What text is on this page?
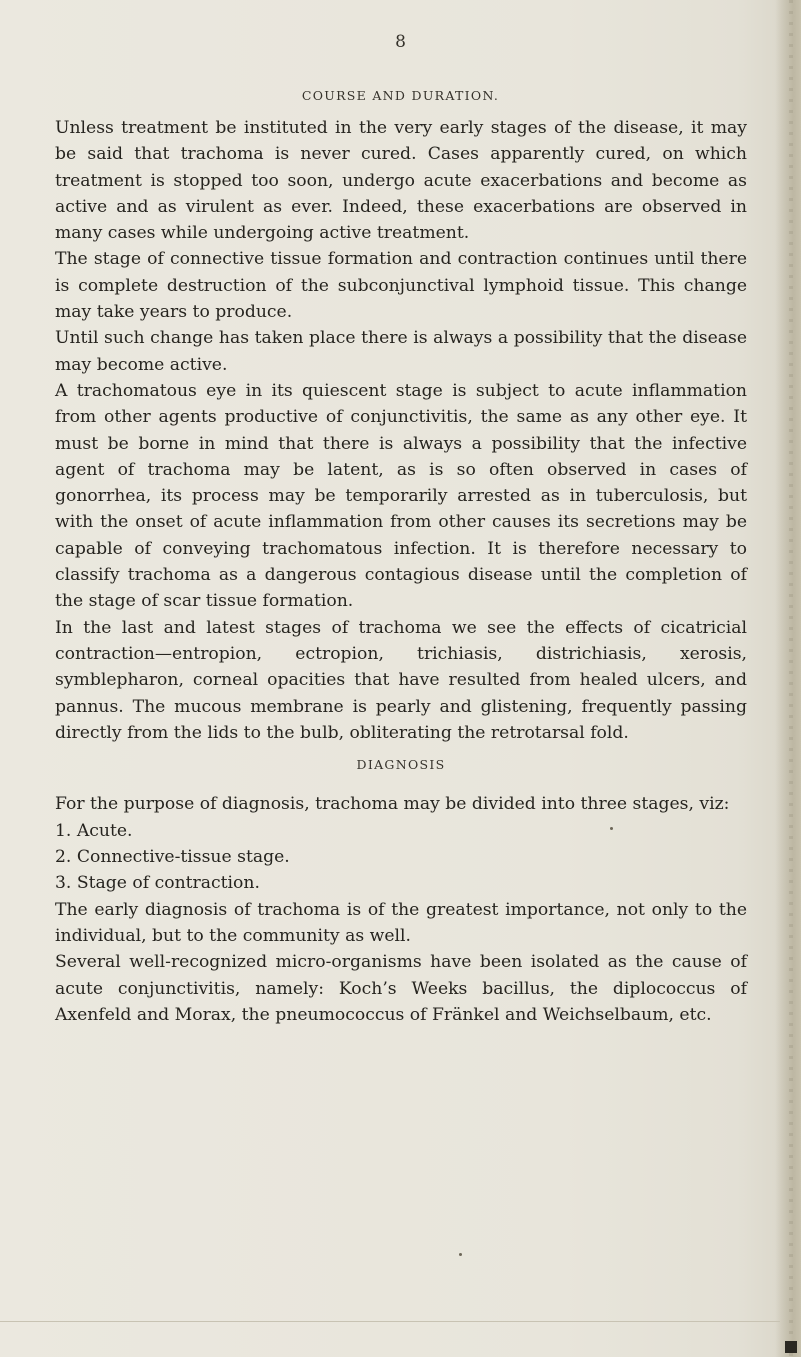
8
COURSE AND DURATION.

Unless treatment be instituted in the very early stages of the disease, it may be said that trachoma is never cured. Cases apparently cured, on which treatment is stopped too soon, undergo acute exacerbations and become as active and as virulent as ever. Indeed, these exacerbations are observed in many cases while undergoing active treatment.

The stage of connective tissue formation and contraction continues until there is complete destruction of the subconjunctival lymphoid tissue. This change may take years to produce.

Until such change has taken place there is always a possibility that the disease may become active.

A trachomatous eye in its quiescent stage is subject to acute inflammation from other agents productive of conjunctivitis, the same as any other eye. It must be borne in mind that there is always a possibility that the infective agent of trachoma may be latent, as is so often observed in cases of gonorrhea, its process may be temporarily arrested as in tuberculosis, but with the onset of acute inflammation from other causes its secretions may be capable of conveying trachomatous infection. It is therefore necessary to classify trachoma as a dangerous contagious disease until the completion of the stage of scar tissue formation.

In the last and latest stages of trachoma we see the effects of cicatricial contraction—entropion, ectropion, trichiasis, districhiasis, xerosis, symblepharon, corneal opacities that have resulted from healed ulcers, and pannus. The mucous membrane is pearly and glistening, frequently passing directly from the lids to the bulb, obliterating the retrotarsal fold.

DIAGNOSIS

For the purpose of diagnosis, trachoma may be divided into three stages, viz:

1. Acute.

2. Connective-tissue stage.

3. Stage of contraction.

The early diagnosis of trachoma is of the greatest importance, not only to the individual, but to the community as well.

Several well-recognized micro-organisms have been isolated as the cause of acute conjunctivitis, namely: Koch’s Weeks bacillus, the diplococcus of Axenfeld and Morax, the pneumococcus of Fränkel and Weichselbaum, etc.
